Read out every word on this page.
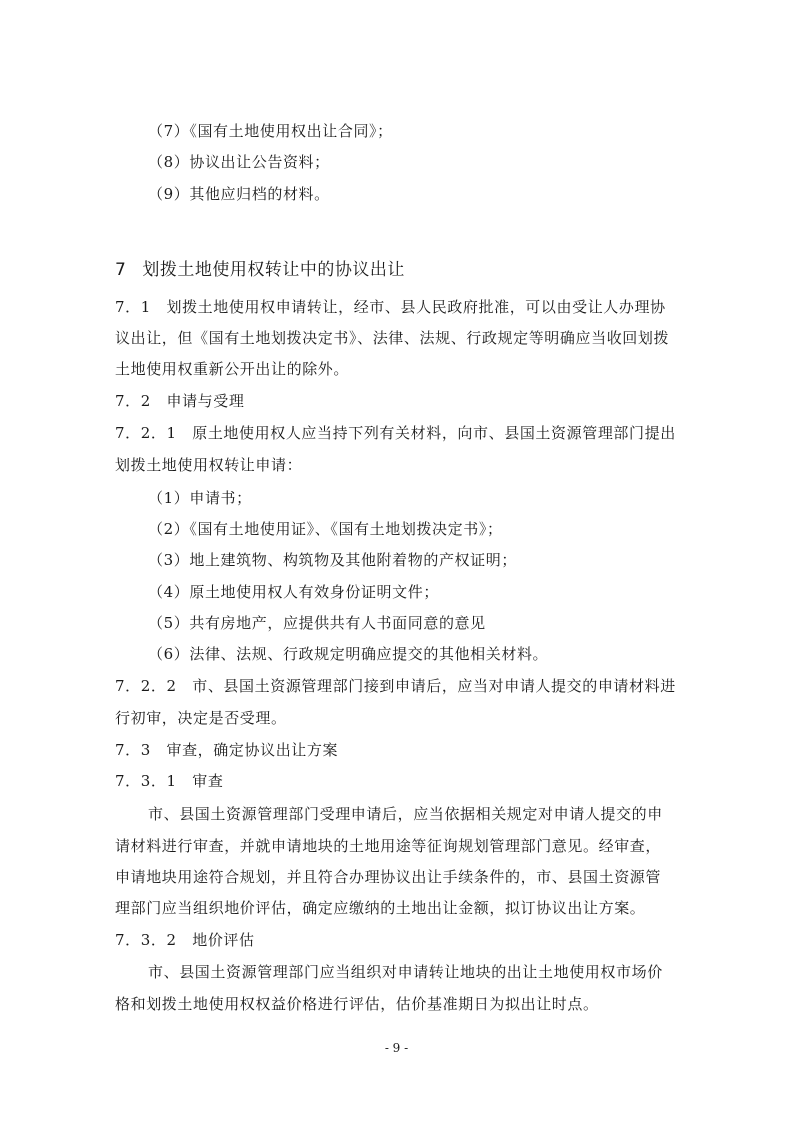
（7）《国有土地使用权出让合同》；
（8）协议出让公告资料；
（9）其他应归档的材料。
7 划拨土地使用权转让中的协议出让
7．1　划拨土地使用权申请转让，经市、县人民政府批准，可以由受让人办理协
议出让，但《国有土地划拨决定书》、法律、法规、行政规定等明确应当收回划拨
土地使用权重新公开出让的除外。
7．2　申请与受理
7．2．1　原土地使用权人应当持下列有关材料，向市、县国土资源管理部门提出
划拨土地使用权转让申请：
（1）申请书；
（2）《国有土地使用证》、《国有土地划拨决定书》；
（3）地上建筑物、构筑物及其他附着物的产权证明；
（4）原土地使用权人有效身份证明文件；
（5）共有房地产，应提供共有人书面同意的意见
（6）法律、法规、行政规定明确应提交的其他相关材料。
7．2．2　市、县国土资源管理部门接到申请后，应当对申请人提交的申请材料进
行初审，决定是否受理。
7．3　审查，确定协议出让方案
7．3．1　审查
市、县国土资源管理部门受理申请后，应当依据相关规定对申请人提交的申
请材料进行审查，并就申请地块的土地用途等征询规划管理部门意见。经审查，
申请地块用途符合规划，并且符合办理协议出让手续条件的，市、县国土资源管
理部门应当组织地价评估，确定应缴纳的土地出让金额，拟订协议出让方案。
7．3．2　地价评估
市、县国土资源管理部门应当组织对申请转让地块的出让土地使用权市场价
格和划拨土地使用权权益价格进行评估，估价基准期日为拟出让时点。
- 9 -
